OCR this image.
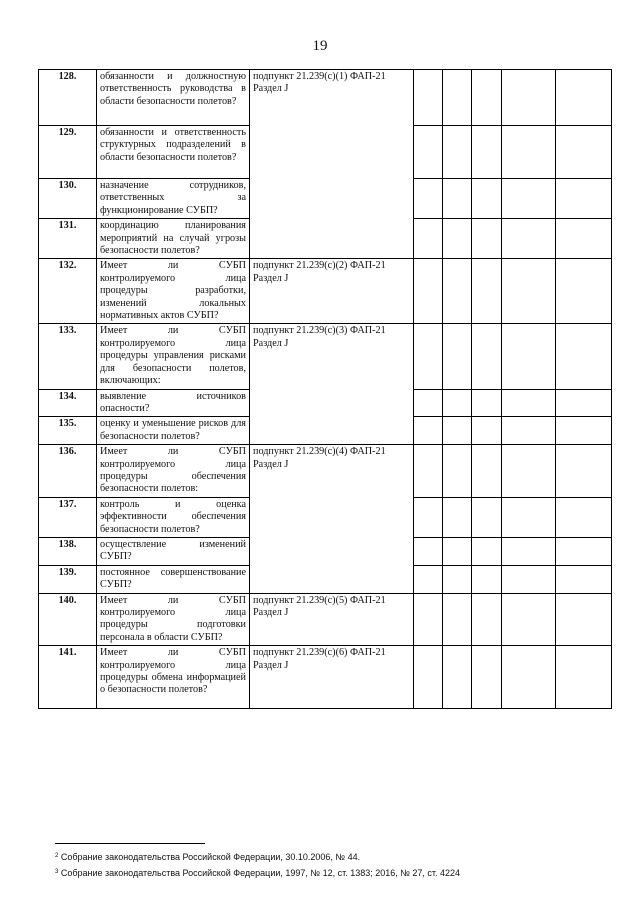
19
128.	обязанности и должностную ответственность руководства в области безопасности полетов?	подпункт 21.239(с)(1) ФАП-21 Раздел J					
129.	обязанности и ответственность структурных подразделений в области безопасности полетов?						
130.	назначение сотрудников, ответственных за функционирование СУБП?						
131.	координацию планирования мероприятий на случай угрозы безопасности полетов?						
132.	Имеет ли СУБП контролируемого лица процедуры разработки, изменений локальных нормативных актов СУБП?	подпункт 21.239(с)(2) ФАП-21 Раздел J					
133.	Имеет ли СУБП контролируемого лица процедуры управления рисками для безопасности полетов, включающих:	подпункт 21.239(с)(3) ФАП-21 Раздел J					
134.	выявление источников опасности?						
135.	оценку и уменьшение рисков для безопасности полетов?						
136.	Имеет ли СУБП контролируемого лица процедуры обеспечения безопасности полетов:	подпункт 21.239(с)(4) ФАП-21 Раздел J					
137.	контроль и оценка эффективности обеспечения безопасности полетов?						
138.	осуществление изменений СУБП?						
139.	постоянное совершенствование СУБП?						
140.	Имеет ли СУБП контролируемого лица процедуры подготовки персонала в области СУБП?	подпункт 21.239(с)(5) ФАП-21 Раздел J					
141.	Имеет ли СУБП контролируемого лица процедуры обмена информацией о безопасности полетов?	подпункт 21.239(с)(6) ФАП-21 Раздел J					
$^2$ Собрание законодательства Российской Федерации, 30.10.2006, № 44.
$^3$ Собрание законодательства Российской Федерации, 1997, № 12, ст. 1383; 2016, № 27, ст. 4224
